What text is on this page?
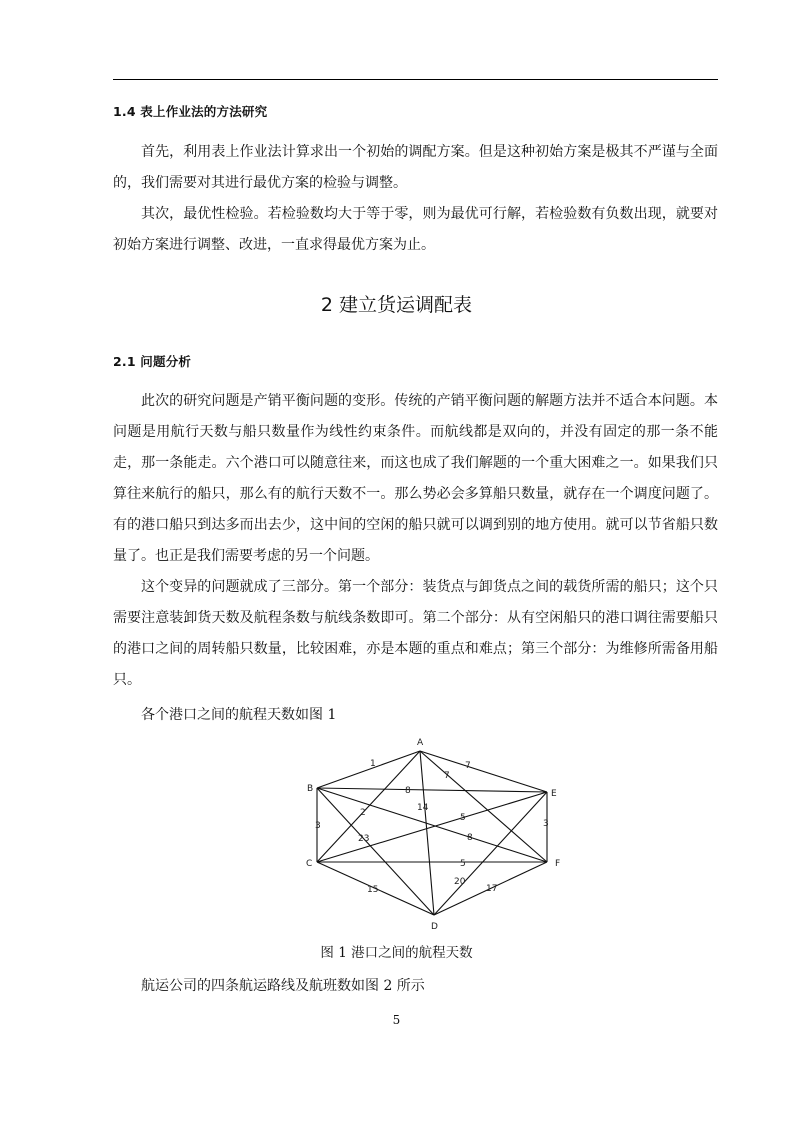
1.4 表上作业法的方法研究

首先，利用表上作业法计算求出一个初始的调配方案。但是这种初始方案是极其不严谨与全面的，我们需要对其进行最优方案的检验与调整。

其次，最优性检验。若检验数均大于等于零，则为最优可行解，若检验数有负数出现，就要对初始方案进行调整、改进，一直求得最优方案为止。

2 建立货运调配表
2.1 问题分析

此次的研究问题是产销平衡问题的变形。传统的产销平衡问题的解题方法并不适合本问题。本问题是用航行天数与船只数量作为线性约束条件。而航线都是双向的，并没有固定的那一条不能走，那一条能走。六个港口可以随意往来，而这也成了我们解题的一个重大困难之一。如果我们只算往来航行的船只，那么有的航行天数不一。那么势必会多算船只数量，就存在一个调度问题了。有的港口船只到达多而出去少，这中间的空闲的船只就可以调到别的地方使用。就可以节省船只数量了。也正是我们需要考虑的另一个问题。

这个变异的问题就成了三部分。第一个部分：装货点与卸货点之间的载货所需的船只；这个只需要注意装卸货天数及航程条数与航线条数即可。第二个部分：从有空闲船只的港口调往需要船只的港口之间的周转船只数量，比较困难，亦是本题的重点和难点；第三个部分：为维修所需备用船只。

各个港口之间的航程天数如图 1
A
B	E
C	F
D
1	7
7
8
14
2	5
8
3
23
3
5
20
17
15
图 1 港口之间的航程天数
航运公司的四条航运路线及航班数如图 2 所示
5
